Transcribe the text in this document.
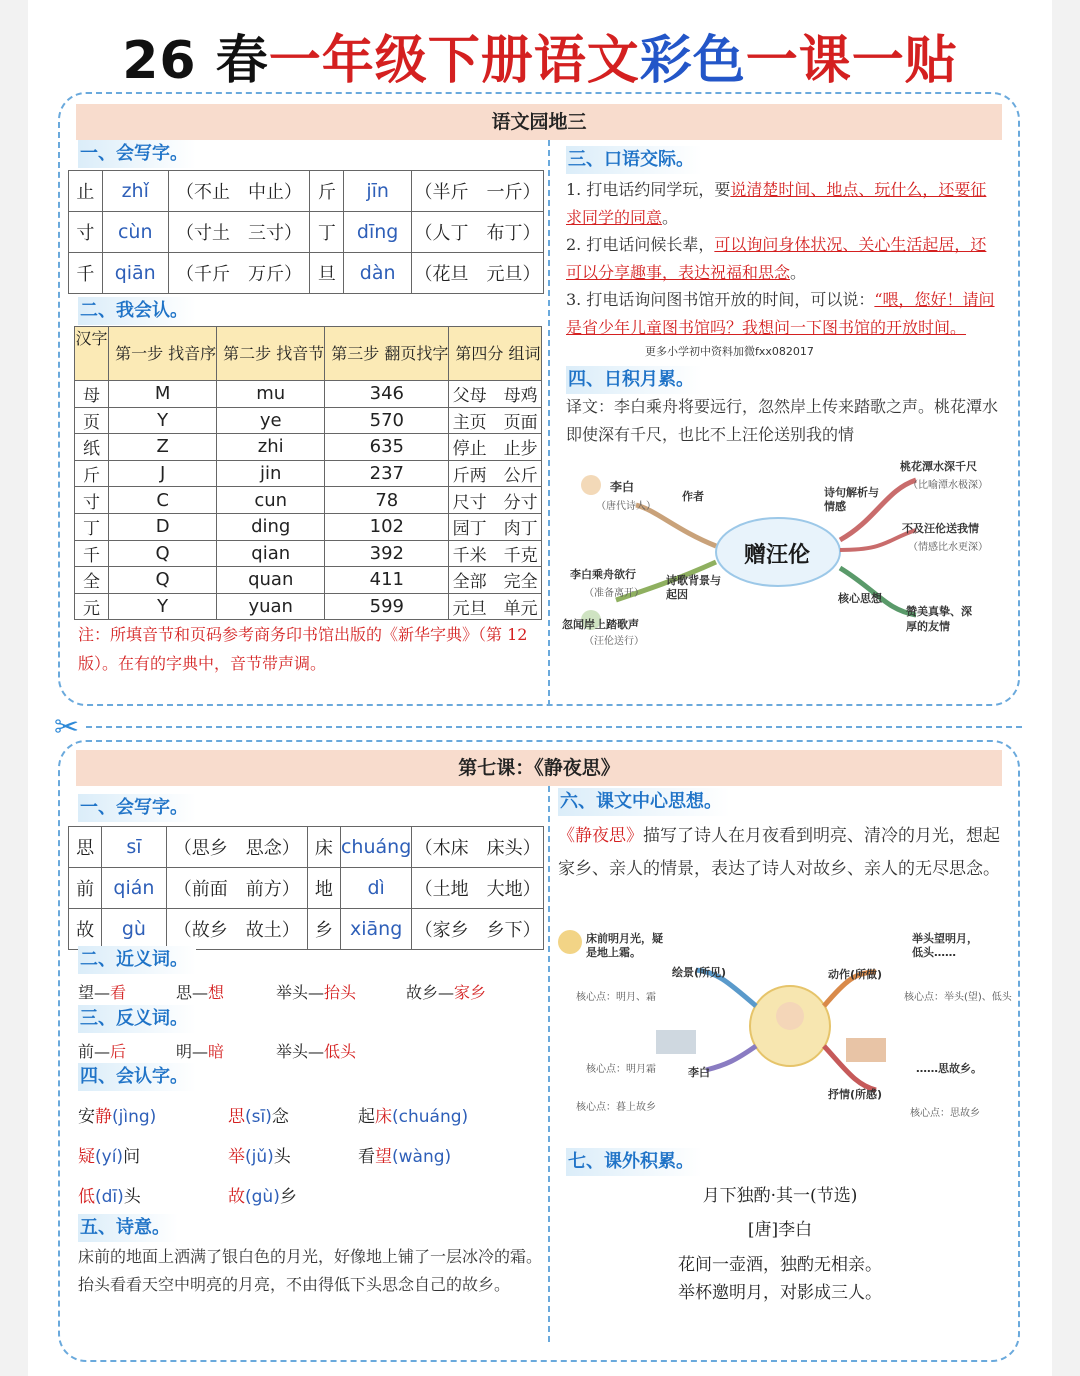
26 春一年级下册语文彩色一课一贴
语文园地三
一、会写字。
止	zhǐ	（不止　中止）	斤	jīn	（半斤　一斤）
寸	cùn	（寸土　三寸）	丁	dīng	（人丁　布丁）
千	qiān	（千斤　万斤）	旦	dàn	（花旦　元旦）
二、我会认。
汉字	第一步 找音序	第二步 找音节	第三步 翻页找字	第四分 组词
母	M	mu	346	父母　母鸡
页	Y	ye	570	主页　页面
纸	Z	zhi	635	停止　止步
斤	J	jin	237	斤两　公斤
寸	C	cun	78	尺寸　分寸
丁	D	ding	102	园丁　肉丁
千	Q	qian	392	千米　千克
全	Q	quan	411	全部　完全
元	Y	yuan	599	元旦　单元
注：所填音节和页码参考商务印书馆出版的《新华字典》（第 12 版）。在有的字典中，音节带声调。
三、口语交际。
1. 打电话约同学玩，要说清楚时间、地点、玩什么，还要征求同学的同意。
2. 打电话问候长辈，可以询问身体状况、关心生活起居，还可以分享趣事，表达祝福和思念。
3. 打电话询问图书馆开放的时间，可以说：“喂，您好！请问是省少年儿童图书馆吗？我想问一下图书馆的开放时间。
更多小学初中资料加微fxx082017
四、日积月累。
译文：李白乘舟将要远行，忽然岸上传来踏歌之声。桃花潭水即使深有千尺，也比不上汪伦送别我的情
李白
（唐代诗人）
作者
赠汪伦
诗句解析与情感
桃花潭水深千尺
（比喻潭水极深）
不及汪伦送我情
（情感比水更深）
李白乘舟欲行
（准备离开）
诗歌背景与起因
忽闻岸上踏歌声
（汪伦送行）
核心思想
赞美真挚、深厚的友情
✂
第七课：《静夜思》
一、会写字。
思	sī	（思乡　思念）	床	chuáng	（木床　床头）
前	qián	（前面　前方）	地	dì	（土地　大地）
故	gù	（故乡　故土）	乡	xiāng	（家乡　乡下）
二、近义词。
望—看	思—想	举头—抬头	故乡—家乡
三、反义词。
前—后	明—暗	举头—低头
四、会认字。
安静(jìng)	思(sī)念	起床(chuáng)
疑(yí)问	举(jǔ)头	看望(wàng)
低(dī)头	故(gù)乡
五、诗意。
床前的地面上洒满了银白色的月光，好像地上铺了一层冰冷的霜。抬头看看天空中明亮的月亮，不由得低下头思念自己的故乡。
六、课文中心思想。
《静夜思》描写了诗人在月夜看到明亮、清冷的月光，想起家乡、亲人的情景，表达了诗人对故乡、亲人的无尽思念。
床前明月光，疑是地上霜。
绘景(所见)
核心点：明月、霜
动作(所做)
举头望明月，低头……
核心点：举头(望)、低头
李白
核心点：明月霜
核心点：暮上故乡
抒情(所感)
……思故乡。
核心点：思故乡
七、课外积累。
月下独酌·其一(节选)
[唐]李白
花间一壶酒，独酌无相亲。
举杯邀明月，对影成三人。
